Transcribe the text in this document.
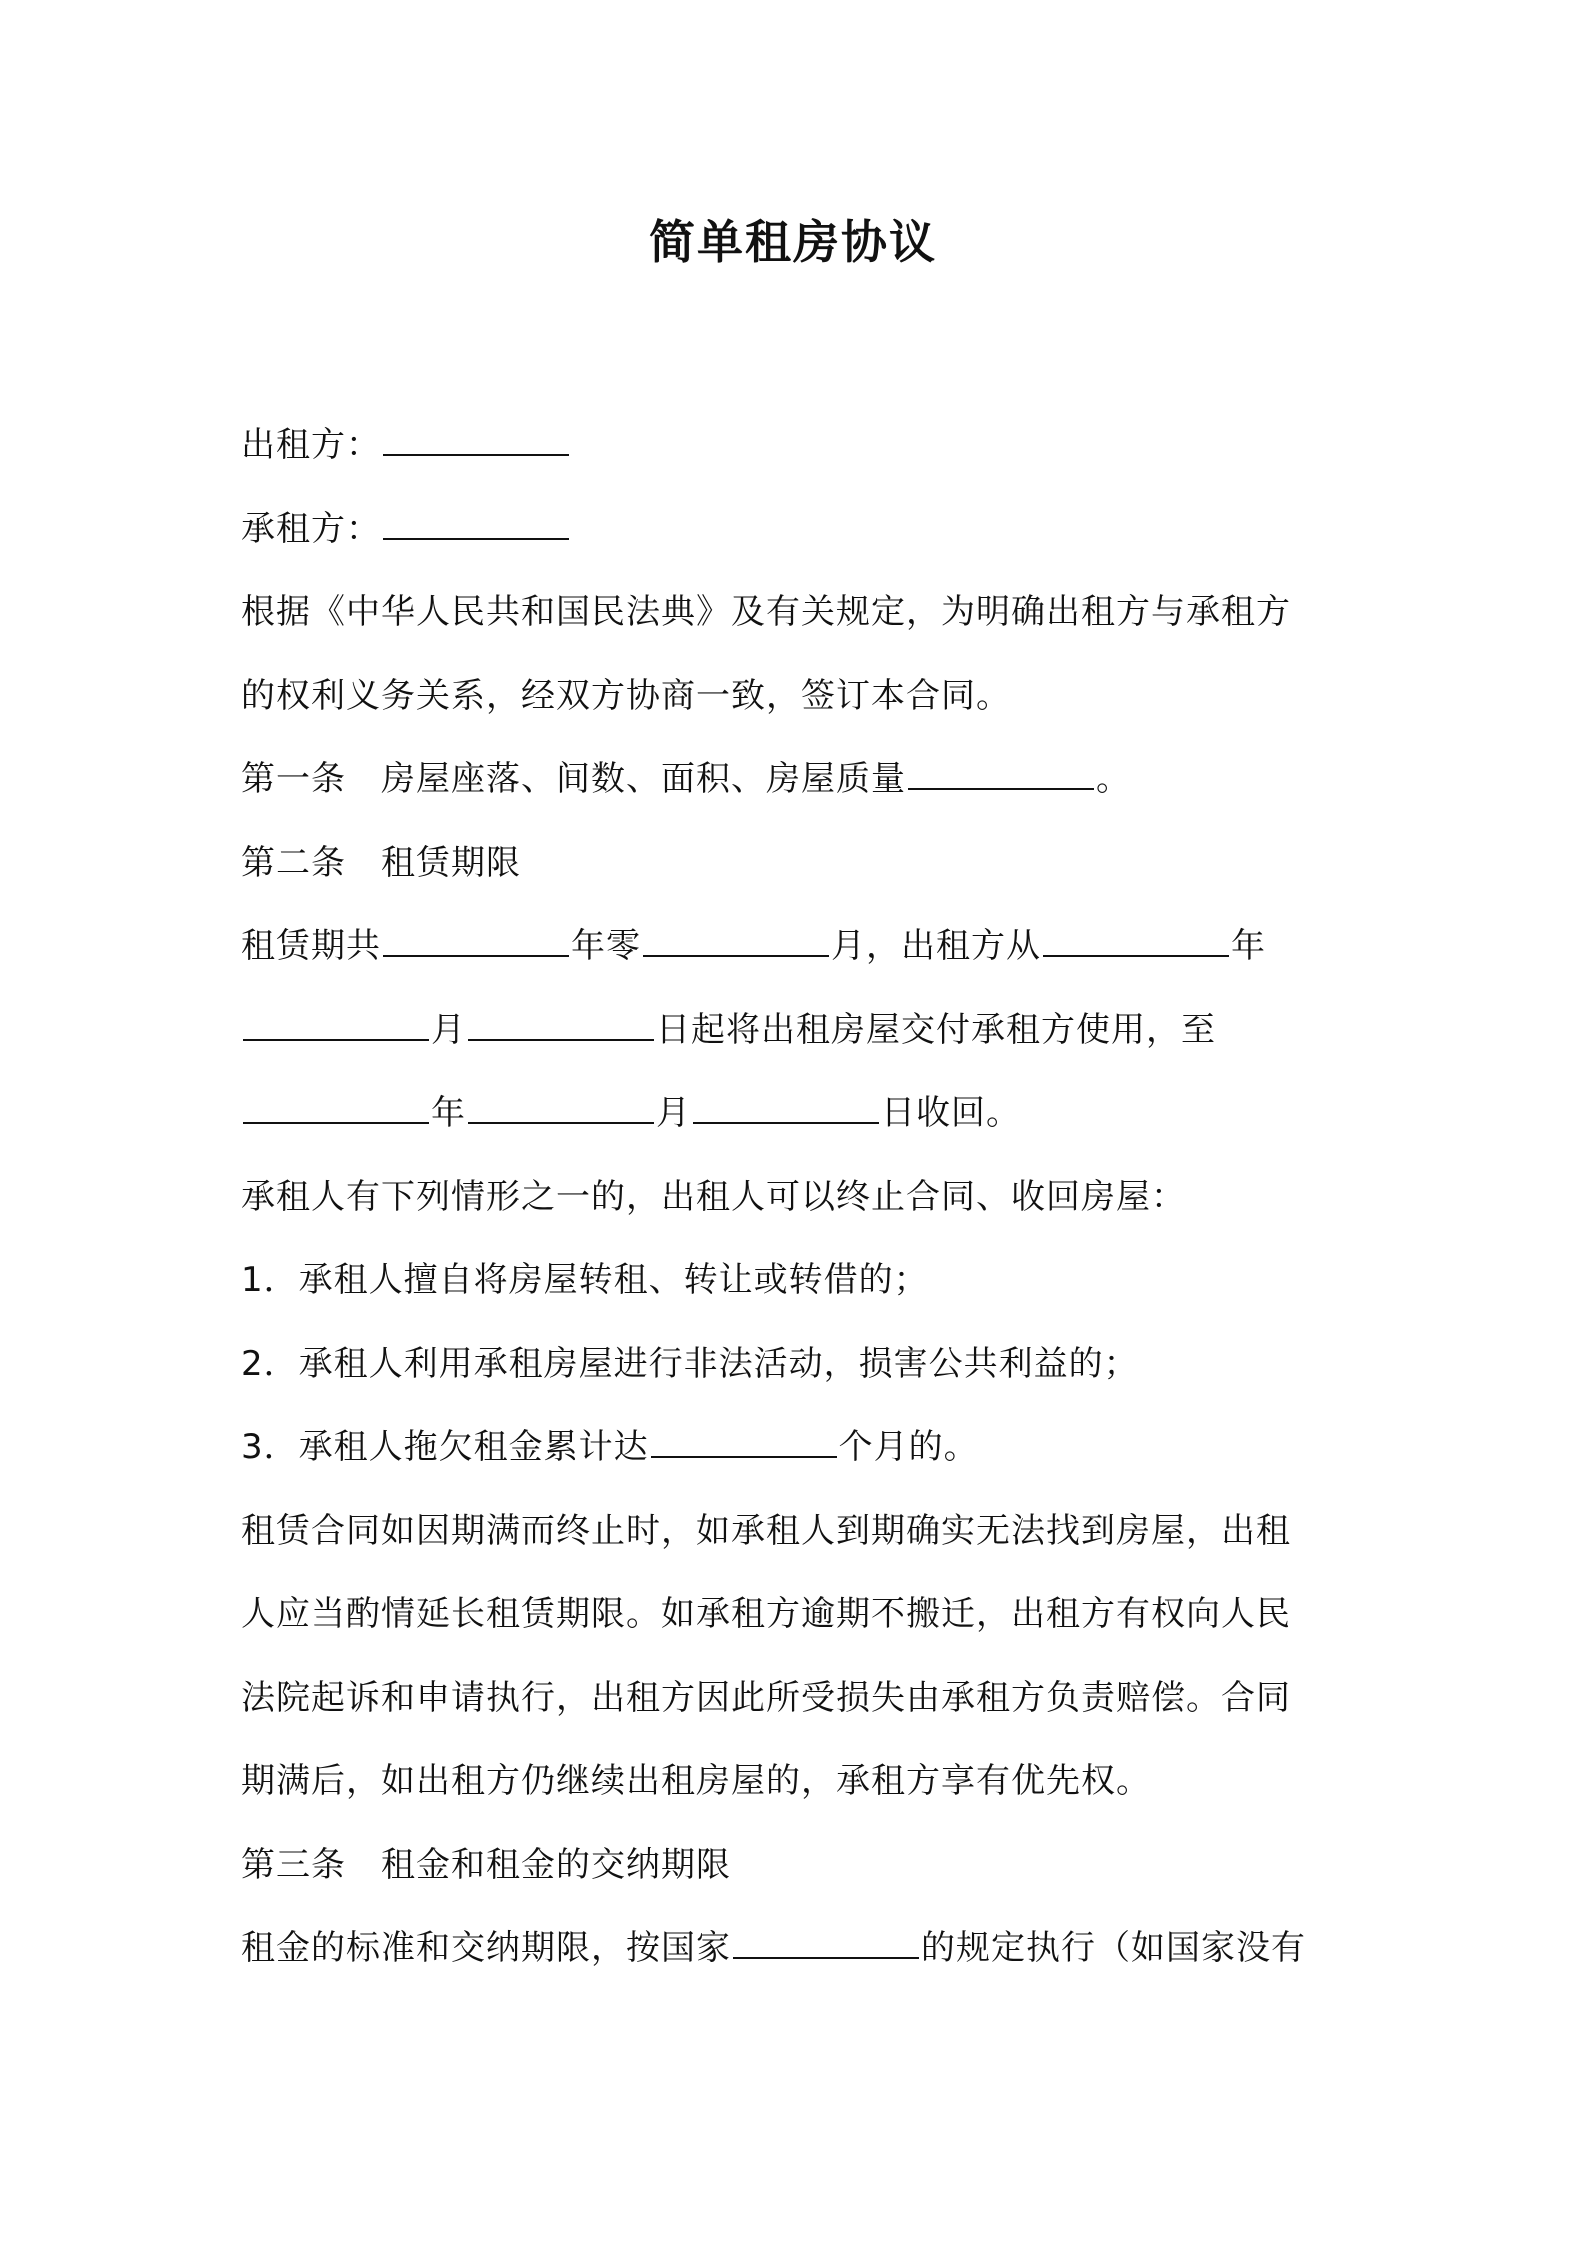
简单租房协议

出租方：

承租方：

根据《中华人民共和国民法典》及有关规定，为明确出租方与承租方

的权利义务关系，经双方协商一致，签订本合同。

第一条　房屋座落、间数、面积、房屋质量	。

第二条　租赁期限

租赁期共	年零	月，出租方从	年

月	日起将出租房屋交付承租方使用，至

年	月	日收回。

承租人有下列情形之一的，出租人可以终止合同、收回房屋：

1．承租人擅自将房屋转租、转让或转借的；

2．承租人利用承租房屋进行非法活动，损害公共利益的；

3．承租人拖欠租金累计达	个月的。

租赁合同如因期满而终止时，如承租人到期确实无法找到房屋，出租

人应当酌情延长租赁期限。如承租方逾期不搬迁，出租方有权向人民

法院起诉和申请执行，出租方因此所受损失由承租方负责赔偿。合同

期满后，如出租方仍继续出租房屋的，承租方享有优先权。

第三条　租金和租金的交纳期限

租金的标准和交纳期限，按国家	的规定执行（如国家没有
